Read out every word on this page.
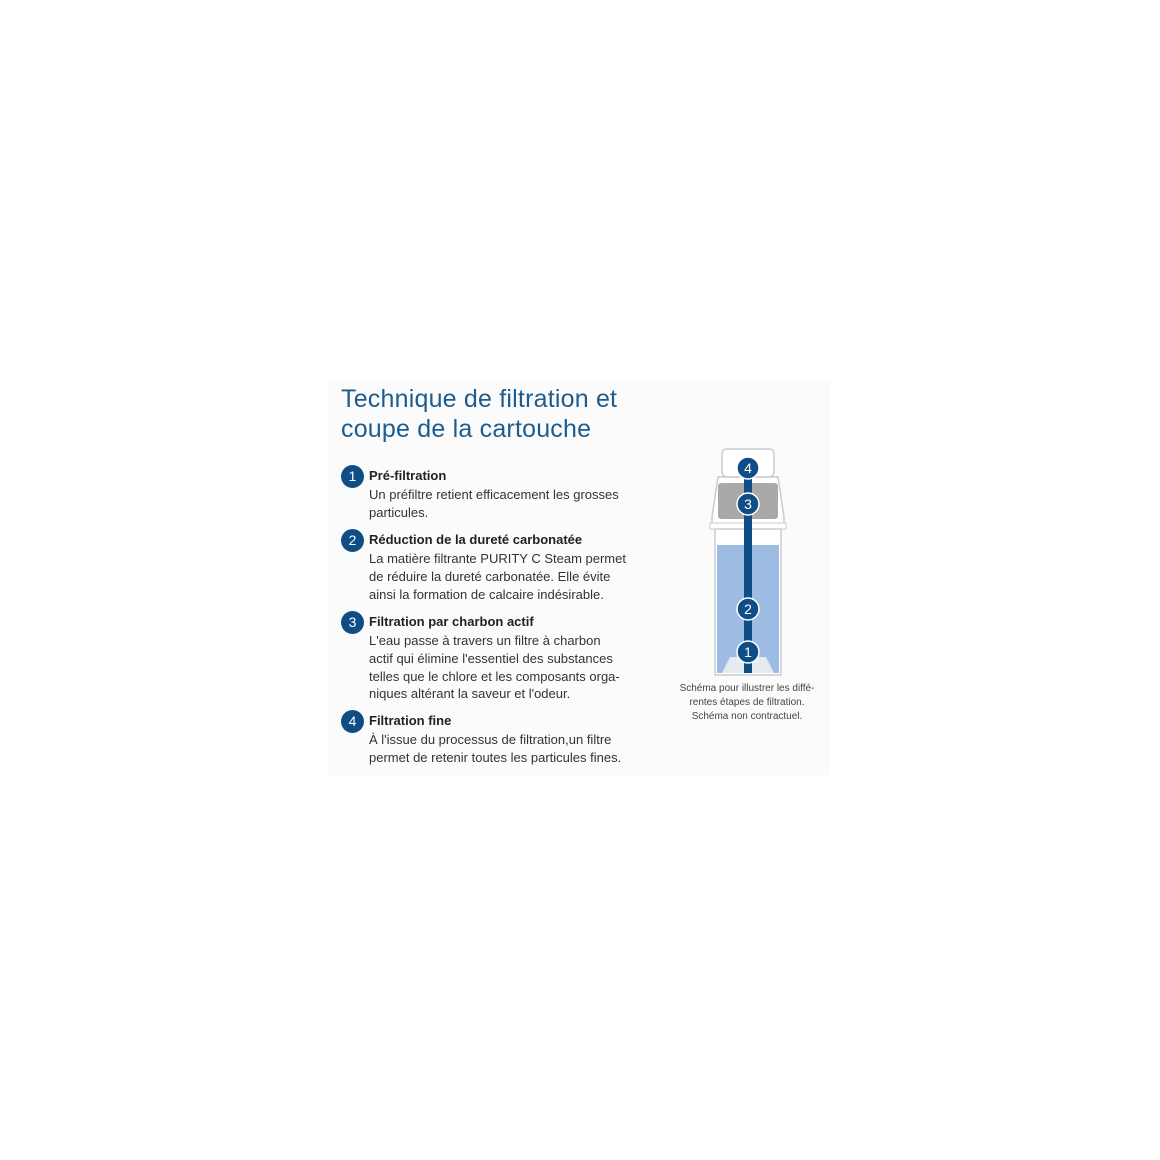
Technique de filtration et
coupe de la cartouche
1 Pré-filtration
Un préfiltre retient efficacement les grosses
particules.
2 Réduction de la dureté carbonatée
La matière filtrante PURITY C Steam permet
de réduire la dureté carbonatée. Elle évite
ainsi la formation de calcaire indésirable.
3 Filtration par charbon actif
L'eau passe à travers un filtre à charbon
actif qui élimine l'essentiel des substances
telles que le chlore et les composants orga-
niques altérant la saveur et l'odeur.
4 Filtration fine
À l'issue du processus de filtration,un filtre
permet de retenir toutes les particules fines.
4
3
2
1
Schéma pour illustrer les diffé-
rentes étapes de filtration.
Schéma non contractuel.
